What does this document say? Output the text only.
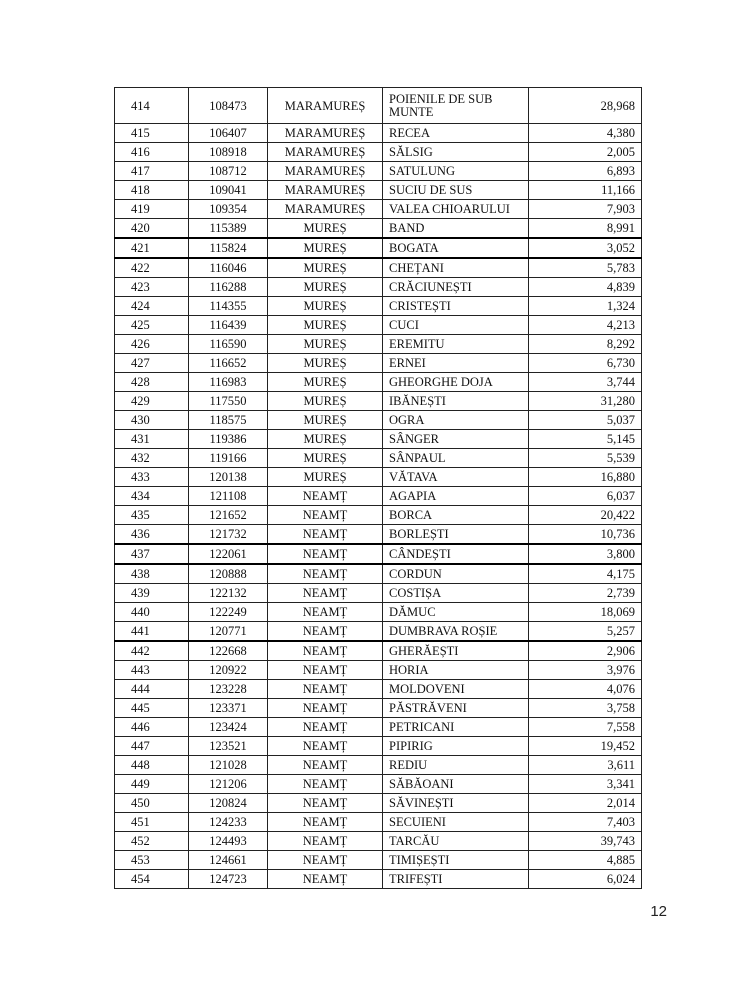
414	108473	MARAMUREȘ	POIENILE DE SUB MUNTE	28,968
415	106407	MARAMUREȘ	RECEA	4,380
416	108918	MARAMUREȘ	SĂLSIG	2,005
417	108712	MARAMUREȘ	SATULUNG	6,893
418	109041	MARAMUREȘ	SUCIU DE SUS	11,166
419	109354	MARAMUREȘ	VALEA CHIOARULUI	7,903
420	115389	MUREȘ	BAND	8,991
421	115824	MUREȘ	BOGATA	3,052
422	116046	MUREȘ	CHEȚANI	5,783
423	116288	MUREȘ	CRĂCIUNEȘTI	4,839
424	114355	MUREȘ	CRISTEȘTI	1,324
425	116439	MUREȘ	CUCI	4,213
426	116590	MUREȘ	EREMITU	8,292
427	116652	MUREȘ	ERNEI	6,730
428	116983	MUREȘ	GHEORGHE DOJA	3,744
429	117550	MUREȘ	IBĂNEȘTI	31,280
430	118575	MUREȘ	OGRA	5,037
431	119386	MUREȘ	SÂNGER	5,145
432	119166	MUREȘ	SÂNPAUL	5,539
433	120138	MUREȘ	VĂTAVA	16,880
434	121108	NEAMȚ	AGAPIA	6,037
435	121652	NEAMȚ	BORCA	20,422
436	121732	NEAMȚ	BORLEȘTI	10,736
437	122061	NEAMȚ	CÂNDEȘTI	3,800
438	120888	NEAMȚ	CORDUN	4,175
439	122132	NEAMȚ	COSTIȘA	2,739
440	122249	NEAMȚ	DĂMUC	18,069
441	120771	NEAMȚ	DUMBRAVA ROȘIE	5,257
442	122668	NEAMȚ	GHERĂEȘTI	2,906
443	120922	NEAMȚ	HORIA	3,976
444	123228	NEAMȚ	MOLDOVENI	4,076
445	123371	NEAMȚ	PĂSTRĂVENI	3,758
446	123424	NEAMȚ	PETRICANI	7,558
447	123521	NEAMȚ	PIPIRIG	19,452
448	121028	NEAMȚ	REDIU	3,611
449	121206	NEAMȚ	SĂBĂOANI	3,341
450	120824	NEAMȚ	SĂVINEȘTI	2,014
451	124233	NEAMȚ	SECUIENI	7,403
452	124493	NEAMȚ	TARCĂU	39,743
453	124661	NEAMȚ	TIMIȘEȘTI	4,885
454	124723	NEAMȚ	TRIFEȘTI	6,024
12
